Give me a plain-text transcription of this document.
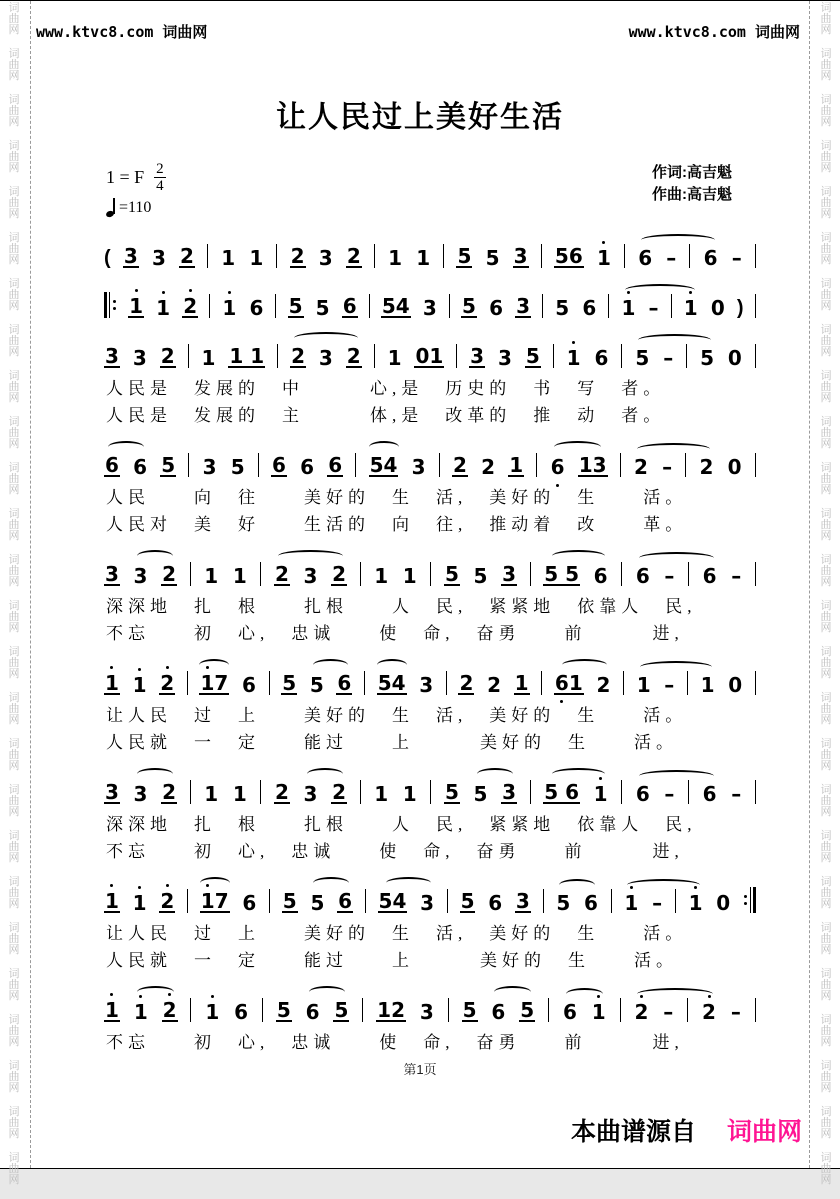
词
曲
网
词
曲
网
词
曲
网
词
曲
网
词
曲
网
词
曲
网
词
曲
网
词
曲
网
词
曲
网
词
曲
网
词
曲
网
词
曲
网
词
曲
网
词
曲
网
词
曲
网
词
曲
网
词
曲
网
词
曲
网
词
曲
网
词
曲
网
词
曲
网
词
曲
网
词
曲
网
词
曲
网
词
曲
网
词
曲
网
词
曲
网
词
曲
网
词
曲
网
词
曲
网
词
曲
网
词
曲
网
词
曲
网
词
曲
网
词
曲
网
词
曲
网
词
曲
网
词
曲
网
词
曲
网
词
曲
网
词
曲
网
词
曲
网
词
曲
网
词
曲
网
词
曲
网
词
曲
网
词
曲
网
词
曲
网
词
曲
网
词
曲
网
词
曲
网
词
曲
网
www.ktvc8.com 词曲网	www.ktvc8.com 词曲网
让人民过上美好生活
1 = F $\frac{2}{4}$
=110
作词:高吉魁
作曲:高吉魁
( 3 3 2 1 1 2 3 2 1 1 5 5 3 56 1 6 – 6 –
1 1 2 1 6 5 5 6 54 3 5 6 3 5 6 1 – 1 0 )
3 3 2 1 1 1 2 3 2 1 01 3 3 5 1 6 5 – 5 0
人民是　发展的　中　　　心,是　历史的　书　写　者。
人民是　发展的　主　　　体,是　改革的　推　动　者。
6 6 5 3 5 6 6 6 54 3 2 2 1 6 13 2 – 2 0
人民　　向　往　　美好的　生　活,　美好的　生　　活。
人民对　美　好　　生活的　向　往,　推动着　改　　革。
3 3 2 1 1 2 3 2 1 1 5 5 3 5 5 6 6 – 6 –
深深地　扎　根　　扎根　　人　民,　紧紧地　依靠人　民,
不忘　　初　心,　忠诚　　使　命,　奋勇　　前　　　进,
1 1 2 1
7 6 5 5 6 54 3 2 2 1 6
1 2 1 – 1 0
让人民　过　上　　美好的　生　活,　美好的　生　　活。
人民就　一　定　　能过　　上　　　美好的　生　　活。
3 3 2 1 1 2 3 2 1 1 5 5 3 5 6 1 6 – 6 –
深深地　扎　根　　扎根　　人　民,　紧紧地　依靠人　民,
不忘　　初　心,　忠诚　　使　命,　奋勇　　前　　　进,
1 1 2 1
7 6 5 5 6 54 3 5 6 3 5 6 1 – 1 0
让人民　过　上　　美好的　生　活,　美好的　生　　活。
人民就　一　定　　能过　　上　　　美好的　生　　活。
1 1 2 1 6 5 6 5 12 3 5 6 5 6 1 2 – 2 –
不忘　　初　心,　忠诚　　使　命,　奋勇　　前　　　进,
第1页
本曲谱源自 词曲网
